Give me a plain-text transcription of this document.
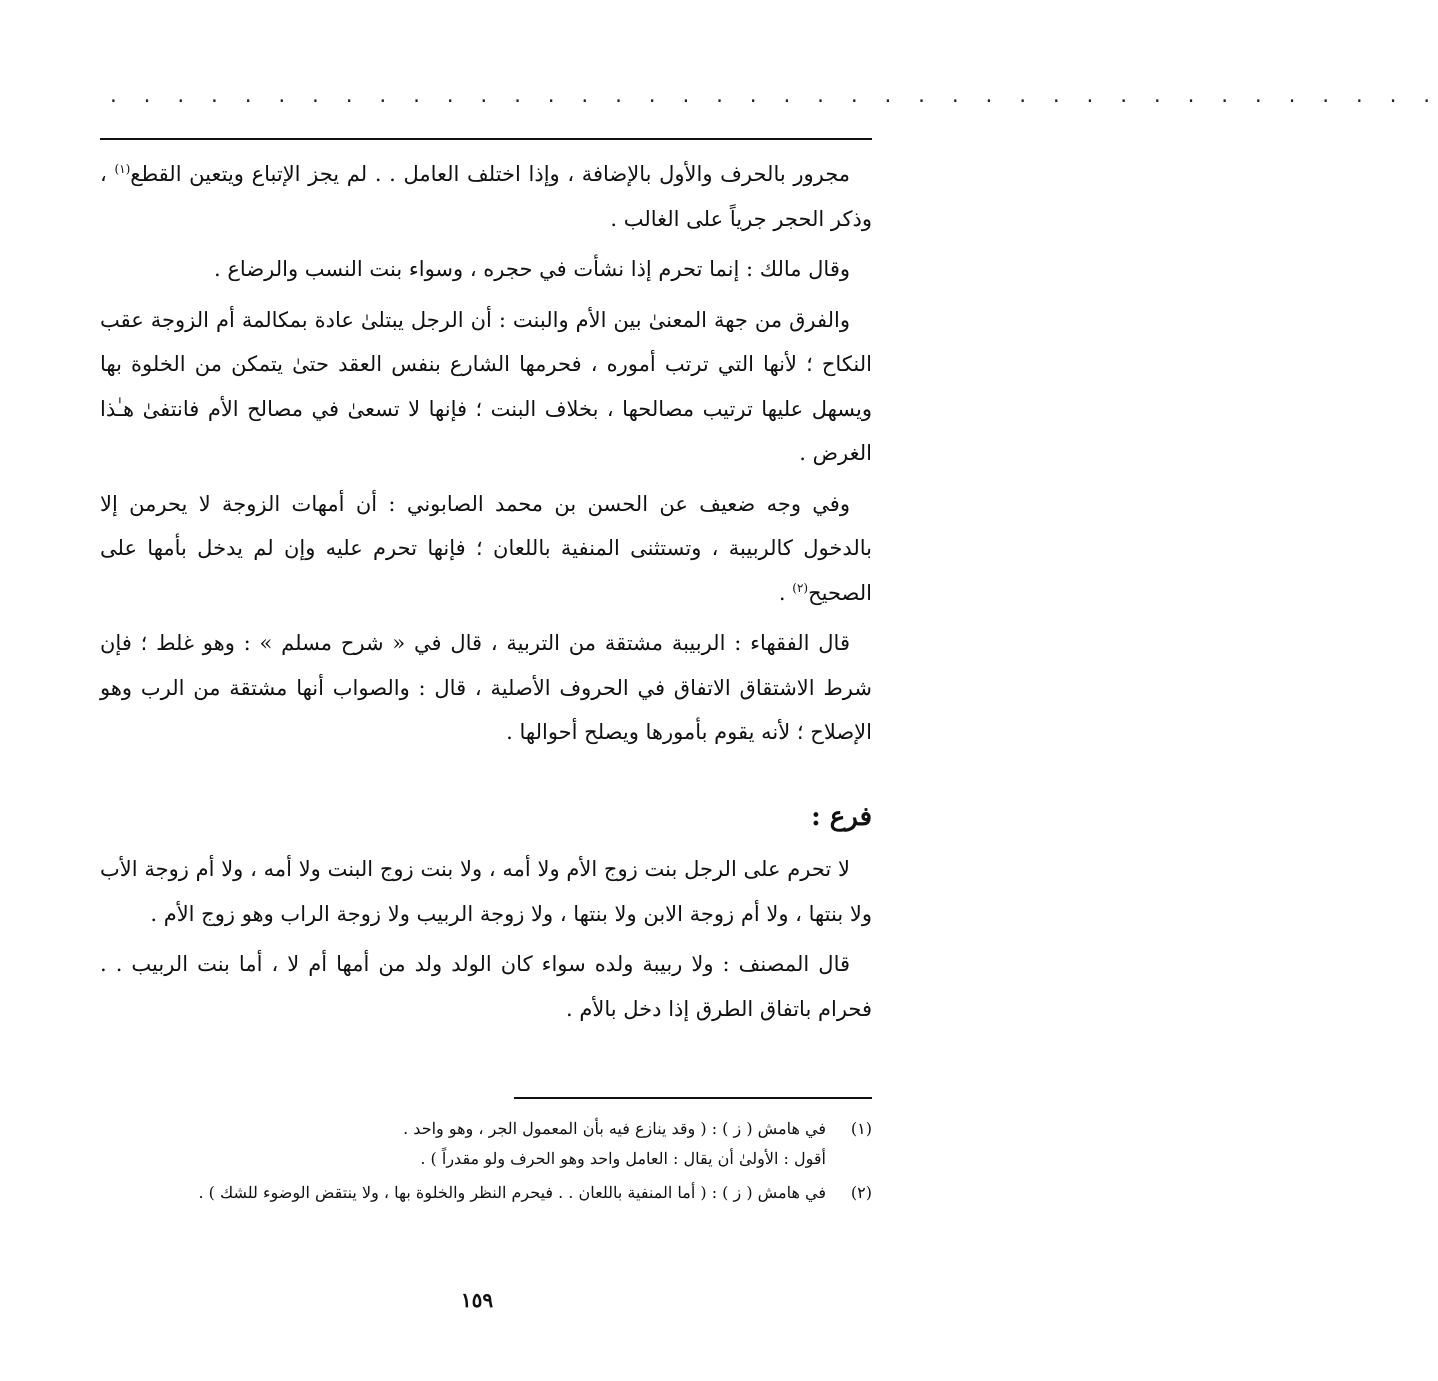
. . . . . . . . . . . . . . . . . . . . . . . . . . . . . . . . . . . . . . . .

مجرور بالحرف والأول بالإضافة ، وإذا اختلف العامل . . لم يجز الإتباع ويتعين القطع$^{(١)}$ ، وذكر الحجر جرياً على الغالب .

وقال مالك : إنما تحرم إذا نشأت في حجره ، وسواء بنت النسب والرضاع .

والفرق من جهة المعنىٰ بين الأم والبنت : أن الرجل يبتلىٰ عادة بمكالمة أم الزوجة عقب النكاح ؛ لأنها التي ترتب أموره ، فحرمها الشارع بنفس العقد حتىٰ يتمكن من الخلوة بها ويسهل عليها ترتيب مصالحها ، بخلاف البنت ؛ فإنها لا تسعىٰ في مصالح الأم فانتفىٰ هـٰذا الغرض .

وفي وجه ضعيف عن الحسن بن محمد الصابوني : أن أمهات الزوجة لا يحرمن إلا بالدخول كالربيبة ، وتستثنى المنفية باللعان ؛ فإنها تحرم عليه وإن لم يدخل بأمها على الصحيح$^{(٢)}$ .

قال الفقهاء : الربيبة مشتقة من التربية ، قال في « شرح مسلم » : وهو غلط ؛ فإن شرط الاشتقاق الاتفاق في الحروف الأصلية ، قال : والصواب أنها مشتقة من الرب وهو الإصلاح ؛ لأنه يقوم بأمورها ويصلح أحوالها .

فرع :

لا تحرم على الرجل بنت زوج الأم ولا أمه ، ولا بنت زوج البنت ولا أمه ، ولا أم زوجة الأب ولا بنتها ، ولا أم زوجة الابن ولا بنتها ، ولا زوجة الربيب ولا زوجة الراب وهو زوج الأم .

قال المصنف : ولا ربيبة ولده سواء كان الولد ولد من أمها أم لا ، أما بنت الربيب . . فحرام باتفاق الطرق إذا دخل بالأم .

(١)
في هامش ( ز ) : ( وقد ينازع فيه بأن المعمول الجر ، وهو واحد .
أقول : الأولىٰ أن يقال : العامل واحد وهو الحرف ولو مقدراً ) .
(٢)
في هامش ( ز ) : ( أما المنفية باللعان . . فيحرم النظر والخلوة بها ، ولا ينتقض الوضوء للشك ) .
١٥٩
